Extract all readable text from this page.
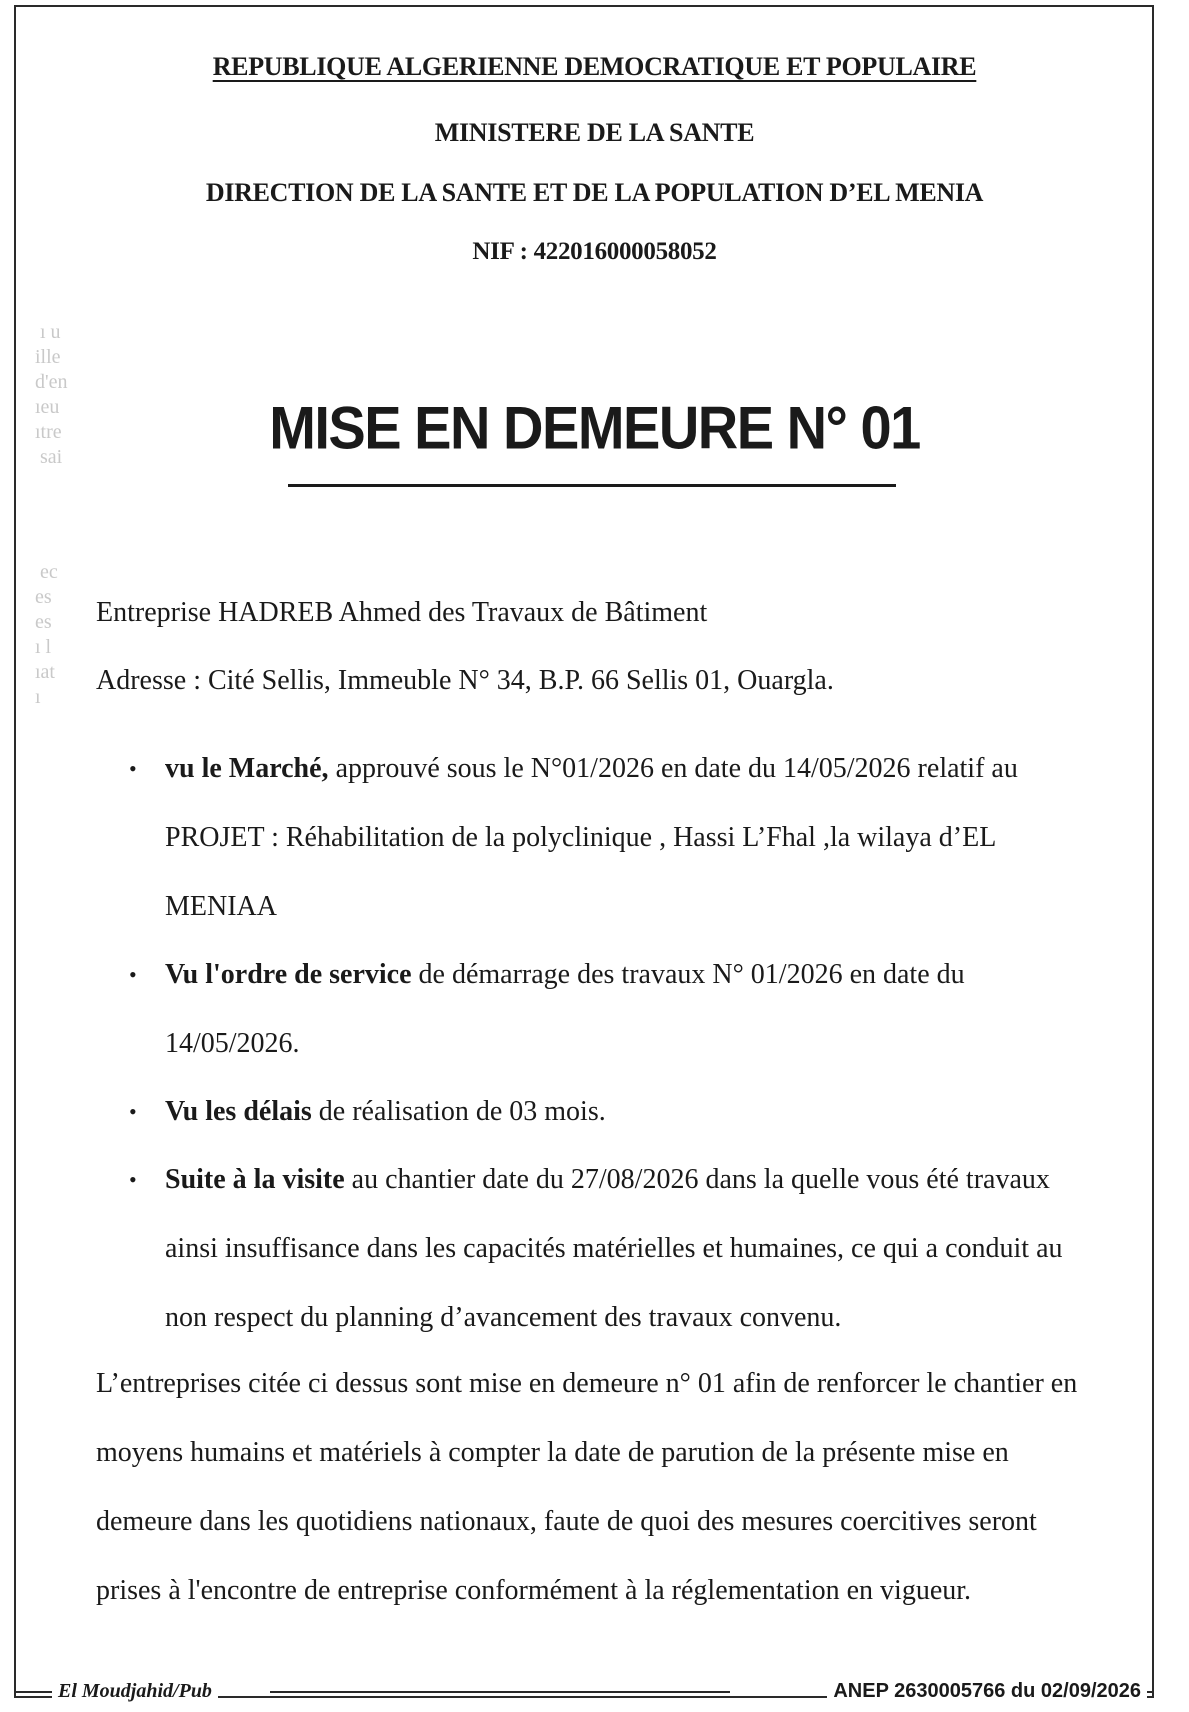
ı u
ille
d'en
ıeu
ıtre
sai
ec
es
es
ı l
ıat
ı
REPUBLIQUE ALGERIENNE DEMOCRATIQUE ET POPULAIRE
MINISTERE DE LA SANTE
DIRECTION DE LA SANTE ET DE LA POPULATION D’EL MENIA
NIF : 422016000058052
MISE EN DEMEURE N° 01
Entreprise HADREB Ahmed des Travaux de Bâtiment
Adresse : Cité Sellis, Immeuble N° 34, B.P. 66 Sellis 01, Ouargla.
• vu le Marché, approuvé sous le N°01/2026 en date du 14/05/2026 relatif au PROJET : Réhabilitation de la polyclinique , Hassi L’Fhal ,la wilaya d’EL MENIAA
• Vu l'ordre de service de démarrage des travaux N° 01/2026 en date du 14/05/2026.
• Vu les délais de réalisation de 03 mois.
• Suite à la visite au chantier date du 27/08/2026 dans la quelle vous été travaux ainsi insuffisance dans les capacités matérielles et humaines, ce qui a conduit au non respect du planning d’avancement des travaux convenu.
L’entreprises citée ci dessus sont mise en demeure n° 01 afin de renforcer le chantier en moyens humains et matériels à compter la date de parution de la présente mise en demeure dans les quotidiens nationaux, faute de quoi des mesures coercitives seront prises à l'encontre de entreprise conformément à la réglementation en vigueur.
El Moudjahid/Pub	ANEP 2630005766 du 02/09/2026
